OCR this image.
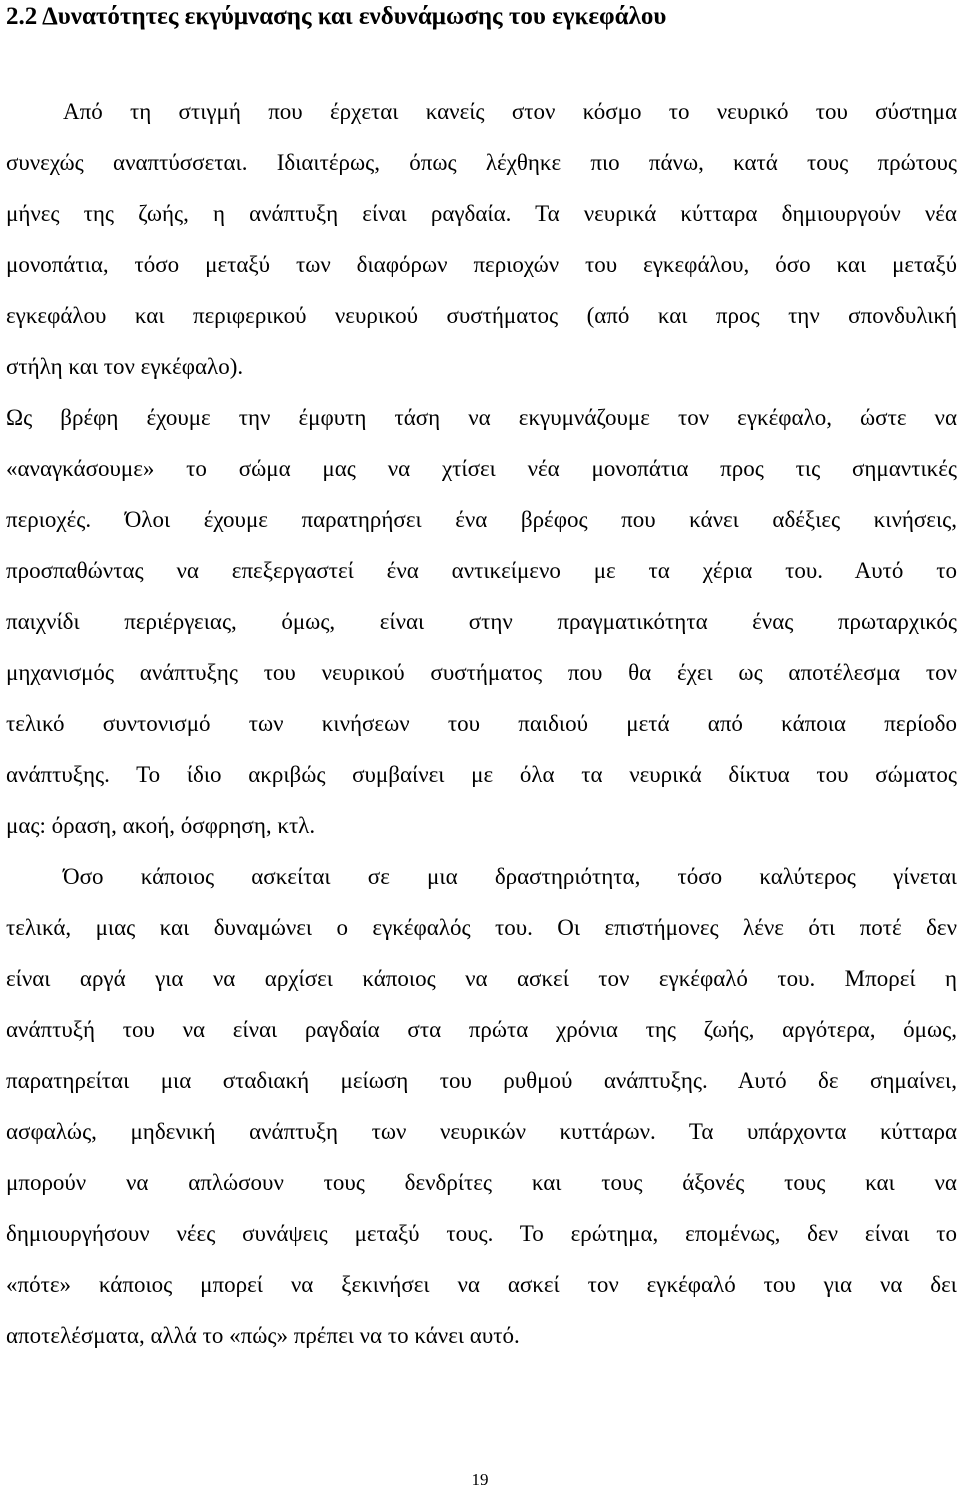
2.2 Δυνατότητες εκγύμνασης και ενδυνάμωσης του εγκεφάλου
Από τη στιγμή που έρχεται κανείς στον κόσμο το νευρικό του σύστημα
συνεχώς αναπτύσσεται. Ιδιαιτέρως, όπως λέχθηκε πιο πάνω, κατά τους πρώτους
μήνες της ζωής, η ανάπτυξη είναι ραγδαία. Τα νευρικά κύτταρα δημιουργούν νέα
μονοπάτια, τόσο μεταξύ των διαφόρων περιοχών του εγκεφάλου, όσο και μεταξύ
εγκεφάλου και περιφερικού νευρικού συστήματος (από και προς την σπονδυλική
στήλη και τον εγκέφαλο).
Ως βρέφη έχουμε την έμφυτη τάση να εκγυμνάζουμε τον εγκέφαλο, ώστε να
«αναγκάσουμε» το σώμα μας να χτίσει νέα μονοπάτια προς τις σημαντικές
περιοχές. Όλοι έχουμε παρατηρήσει ένα βρέφος που κάνει αδέξιες κινήσεις,
προσπαθώντας να επεξεργαστεί ένα αντικείμενο με τα χέρια του. Αυτό το
παιχνίδι περιέργειας, όμως, είναι στην πραγματικότητα ένας πρωταρχικός
μηχανισμός ανάπτυξης του νευρικού συστήματος που θα έχει ως αποτέλεσμα τον
τελικό συντονισμό των κινήσεων του παιδιού μετά από κάποια περίοδο
ανάπτυξης. Το ίδιο ακριβώς συμβαίνει με όλα τα νευρικά δίκτυα του σώματος
μας: όραση, ακοή, όσφρηση, κτλ.
Όσο κάποιος ασκείται σε μια δραστηριότητα, τόσο καλύτερος γίνεται
τελικά, μιας και δυναμώνει ο εγκέφαλός του. Οι επιστήμονες λένε ότι ποτέ δεν
είναι αργά για να αρχίσει κάποιος να ασκεί τον εγκέφαλό του. Μπορεί η
ανάπτυξή του να είναι ραγδαία στα πρώτα χρόνια της ζωής, αργότερα, όμως,
παρατηρείται μια σταδιακή μείωση του ρυθμού ανάπτυξης. Αυτό δε σημαίνει,
ασφαλώς, μηδενική ανάπτυξη των νευρικών κυττάρων. Τα υπάρχοντα κύτταρα
μπορούν να απλώσουν τους δενδρίτες και τους άξονές τους και να
δημιουργήσουν νέες συνάψεις μεταξύ τους. Το ερώτημα, επομένως, δεν είναι το
«πότε» κάποιος μπορεί να ξεκινήσει να ασκεί τον εγκέφαλό του για να δει
αποτελέσματα, αλλά το «πώς» πρέπει να το κάνει αυτό.
19
